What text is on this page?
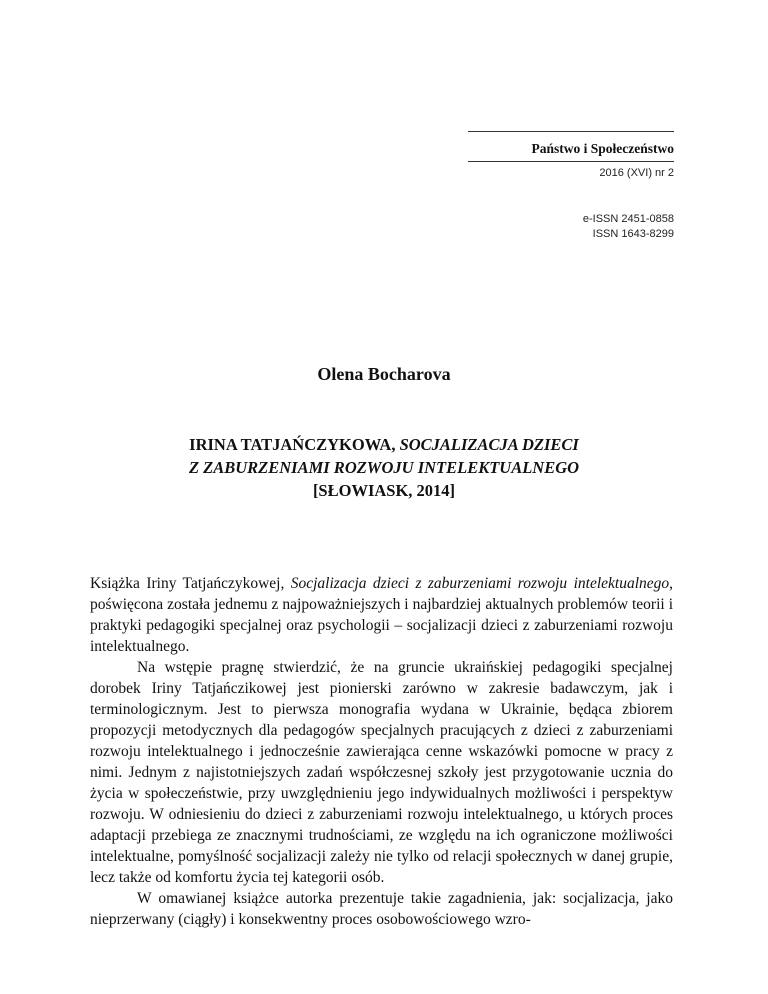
Państwo i Społeczeństwo
2016 (XVI) nr 2
e-ISSN 2451-0858
ISSN 1643-8299
Olena Bocharova
IRINA TATJAŃCZYKOWA, SOCJALIZACJA DZIECI
Z ZABURZENIAMI ROZWOJU INTELEKTUALNEGO
[SŁOWIASK, 2014]

Książka Iriny Tatjańczykowej, Socjalizacja dzieci z zaburzeniami rozwoju intelektualnego, poświęcona została jednemu z najpoważniejszych i najbardziej aktualnych problemów teorii i praktyki pedagogiki specjalnej oraz psychologii – socjalizacji dzieci z zaburzeniami rozwoju intelektualnego.

Na wstępie pragnę stwierdzić, że na gruncie ukraińskiej pedagogiki specjalnej dorobek Iriny Tatjańczikowej jest pionierski zarówno w zakresie badawczym, jak i terminologicznym. Jest to pierwsza monografia wydana w Ukrainie, będąca zbiorem propozycji metodycznych dla pedagogów specjalnych pracujących z dzieci z zaburzeniami rozwoju intelektualnego i jednocześnie zawierająca cenne wskazówki pomocne w pracy z nimi. Jednym z najistotniejszych zadań współczesnej szkoły jest przygotowanie ucznia do życia w społeczeństwie, przy uwzględnieniu jego indywidualnych możliwości i perspektyw rozwoju. W odniesieniu do dzieci z zaburzeniami rozwoju intelektualnego, u których proces adaptacji przebiega ze znacznymi trudnościami, ze względu na ich ograniczone możliwości intelektualne, pomyślność socjalizacji zależy nie tylko od relacji społecznych w danej grupie, lecz także od komfortu życia tej kategorii osób.

W omawianej książce autorka prezentuje takie zagadnienia, jak: socjalizacja, jako nieprzerwany (ciągły) i konsekwentny proces osobowościowego wzro-
